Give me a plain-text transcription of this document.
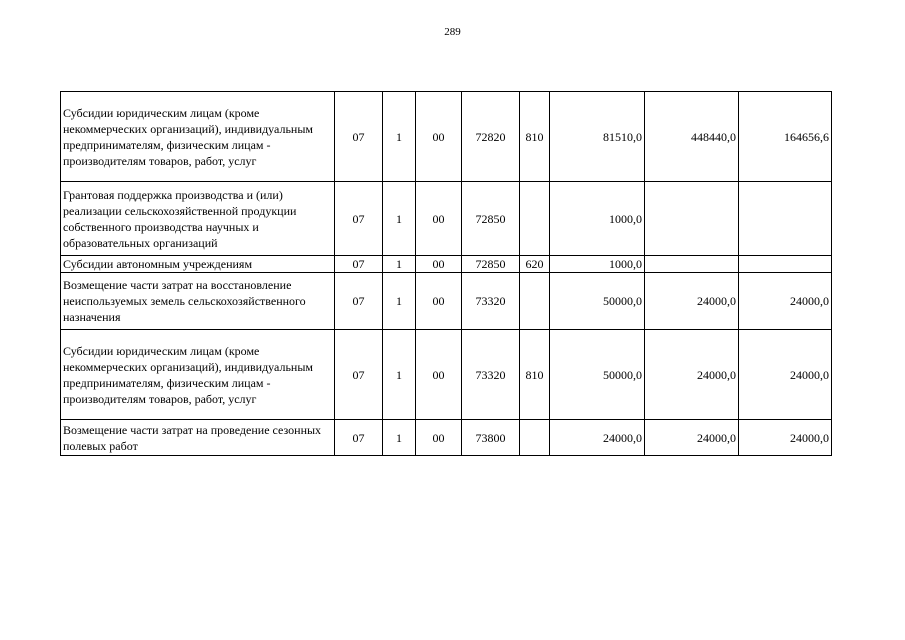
289
Субсидии юридическим лицам (кроме некоммерческих организаций), индивидуальным предпринимателям, физическим лицам - производителям товаров, работ, услуг	07	1	00	72820	810	81510,0	448440,0	164656,6
Грантовая поддержка производства и (или) реализации сельскохозяйственной продукции собственного производства научных и образовательных организаций	07	1	00	72850		1000,0		
Субсидии автономным учреждениям	07	1	00	72850	620	1000,0		
Возмещение части затрат на восстановление неиспользуемых земель сельскохозяйственного назначения	07	1	00	73320		50000,0	24000,0	24000,0
Субсидии юридическим лицам (кроме некоммерческих организаций), индивидуальным предпринимателям, физическим лицам - производителям товаров, работ, услуг	07	1	00	73320	810	50000,0	24000,0	24000,0
Возмещение части затрат на проведение сезонных полевых работ	07	1	00	73800		24000,0	24000,0	24000,0
